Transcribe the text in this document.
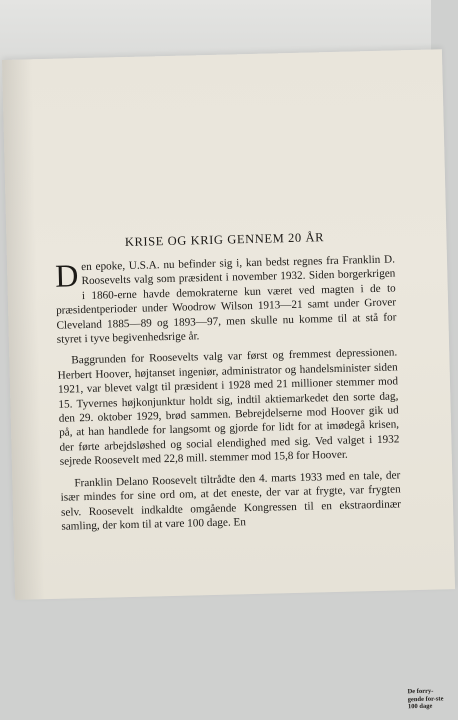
KRISE OG KRIG GENNEM 20 ÅR

D en epoke, U.S.A. nu befinder sig i, kan bedst regnes fra Franklin D. Roosevelts valg som præsident i november 1932. Siden borgerkrigen i 1860-erne havde demokraterne kun været ved magten i de to præsidentperioder under Woodrow Wilson 1913—21 samt under Grover Cleveland 1885—89 og 1893—97, men skulle nu komme til at stå for styret i tyve begivenhedsrige år.

Baggrunden for Roosevelts valg var først og fremmest depressionen. Herbert Hoover, højtanset ingeniør, administrator og handelsminister siden 1921, var blevet valgt til præsident i 1928 med 21 millioner stemmer mod 15. Tyvernes højkonjunktur holdt sig, indtil aktiemarkedet den sorte dag, den 29. oktober 1929, brød sammen. Bebrejdelserne mod Hoover gik ud på, at han handlede for langsomt og gjorde for lidt for at imødegå krisen, der førte arbejdsløshed og social elendighed med sig. Ved valget i 1932 sejrede Roosevelt med 22,8 mill. stemmer mod 15,8 for Hoover.

Franklin Delano Roosevelt tiltrådte den 4. marts 1933 med en tale, der især mindes for sine ord om, at det eneste, der var at frygte, var frygten selv. Roosevelt indkaldte omgående Kongressen til en ekstraordinær samling, der kom til at vare 100 dage. En

De forry-gende for-ste 100 dage
